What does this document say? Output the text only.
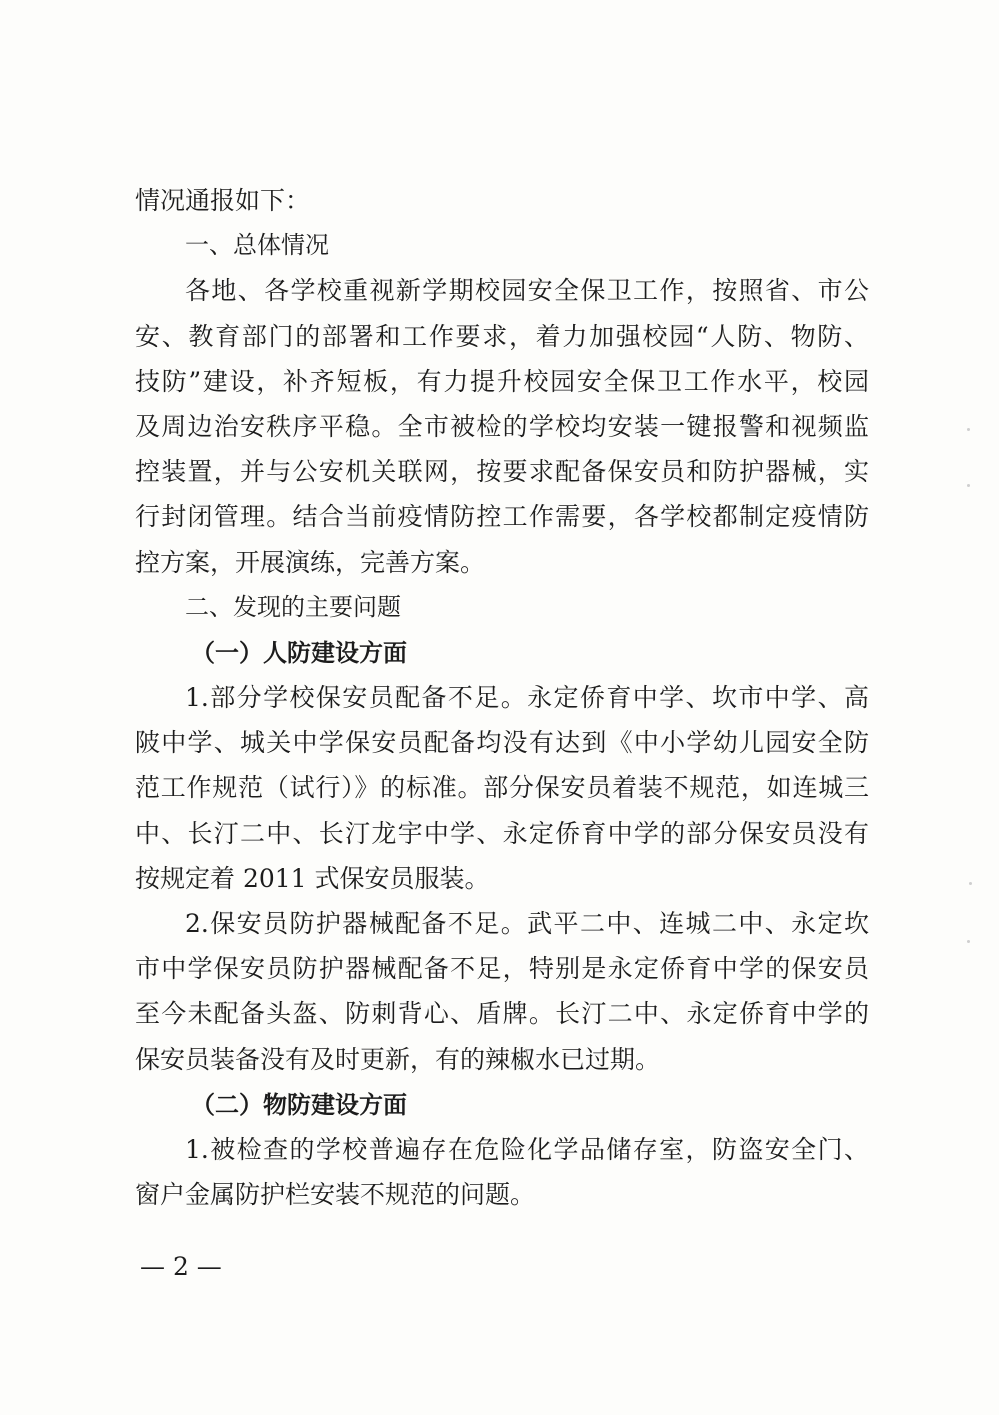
情况通报如下：
一、总体情况
各地、各学校重视新学期校园安全保卫工作，按照省、市公
安、教育部门的部署和工作要求，着力加强校园“人防、物防、
技防”建设，补齐短板，有力提升校园安全保卫工作水平，校园
及周边治安秩序平稳。全市被检的学校均安装一键报警和视频监
控装置，并与公安机关联网，按要求配备保安员和防护器械，实
行封闭管理。结合当前疫情防控工作需要，各学校都制定疫情防
控方案，开展演练，完善方案。
二、发现的主要问题
（一）人防建设方面
1.部分学校保安员配备不足。永定侨育中学、坎市中学、高
陂中学、城关中学保安员配备均没有达到《中小学幼儿园安全防
范工作规范（试行）》的标准。部分保安员着装不规范，如连城三
中、长汀二中、长汀龙宇中学、永定侨育中学的部分保安员没有
按规定着 2011 式保安员服装。
2.保安员防护器械配备不足。武平二中、连城二中、永定坎
市中学保安员防护器械配备不足，特别是永定侨育中学的保安员
至今未配备头盔、防刺背心、盾牌。长汀二中、永定侨育中学的
保安员装备没有及时更新，有的辣椒水已过期。
（二）物防建设方面
1.被检查的学校普遍存在危险化学品储存室，防盗安全门、
窗户金属防护栏安装不规范的问题。
— 2 —
